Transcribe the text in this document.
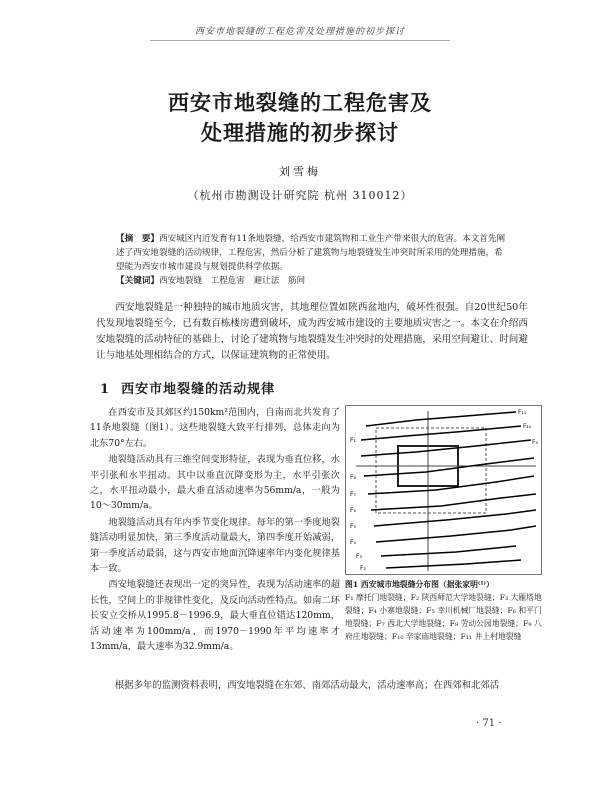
西安市地裂缝的工程危害及处理措施的初步探讨
西安市地裂缝的工程危害及
处理措施的初步探讨
刘雪梅
（杭州市勘测设计研究院 杭州 310012）
【摘　要】西安城区内近发育有11条地裂缝，给西安市建筑物和工业生产带来很大的危害。本文首先阐述了西安地裂缝的活动规律，工程危害，然后分析了建筑物与地裂缝发生冲突时所采用的处理措施，希望能为西安市城市建设与规划提供科学依据。
【关键词】西安地裂缝　工程危害　避让法　筋间
西安地裂缝是一种独特的城市地质灾害，其地理位置如陕西盆地内，破坏性很强。自20世纪50年代发现地裂缝至今，已有数百栋楼房遭到破坏，成为西安城市建设的主要地质灾害之一。本文在介绍西安地裂缝的活动特征的基础上，讨论了建筑物与地裂缝发生冲突时的处理措施，采用空间避让、时间避让与地基处理相结合的方式，以保证建筑物的正常使用。
1 西安市地裂缝的活动规律

在西安市及其郊区约150km²范围内，自南而北共发育了11条地裂缝（图1）。这些地裂缝大致平行排列，总体走向为北东70°左右。

地裂缝活动具有三维空间变形特征，表现为垂直位移，水平引张和水平扭动。其中以垂直沉降变形为主，水平引张次之，水平扭动最小，最大垂直活动速率为56mm/a，一般为10～30mm/a。

地裂缝活动具有年内季节变化规律。每年的第一季度地裂缝活动明显加快，第三季度活动量最大，第四季度开始减弱，第一季度活动最弱，这与西安市地面沉降速率年内变化规律基本一致。

西安地裂缝还表现出一定的突异性，表现为活动速率的超长性，空间上的非规律性变化，及反向活动性特点。如南二环长安立交桥从1995.8－1996.9，最大垂直位错达120mm，活动速率为100mm/a，而1970－1990年平均速率才13mm/a，最大速率为32.9mm/a。

F₁₁
F₁₀
F₉
F₈
F₇
F₆
F₅
F₄
F₃
F₂
F₁
图1 西安城市地裂缝分布图（据张家明⁽¹⁾）
F₁ 摩托门地裂缝；F₂ 陕西师范大学地裂缝；F₃ 大雁塔地裂缝；F₄ 小寨地裂缝；F₅ 幸川机械厂地裂缝；F₆ 和平门地裂缝；F₇ 西北大学地裂缝；F₈ 劳动公园地裂缝；F₉ 八府庄地裂缝；F₁₀ 辛家庙地裂缝；F₁₁ 井上村地裂缝
根据多年的监测资料表明，西安地裂缝在东郊、南郊活动最大，活动速率高；在西郊和北郊活
· 71 ·
